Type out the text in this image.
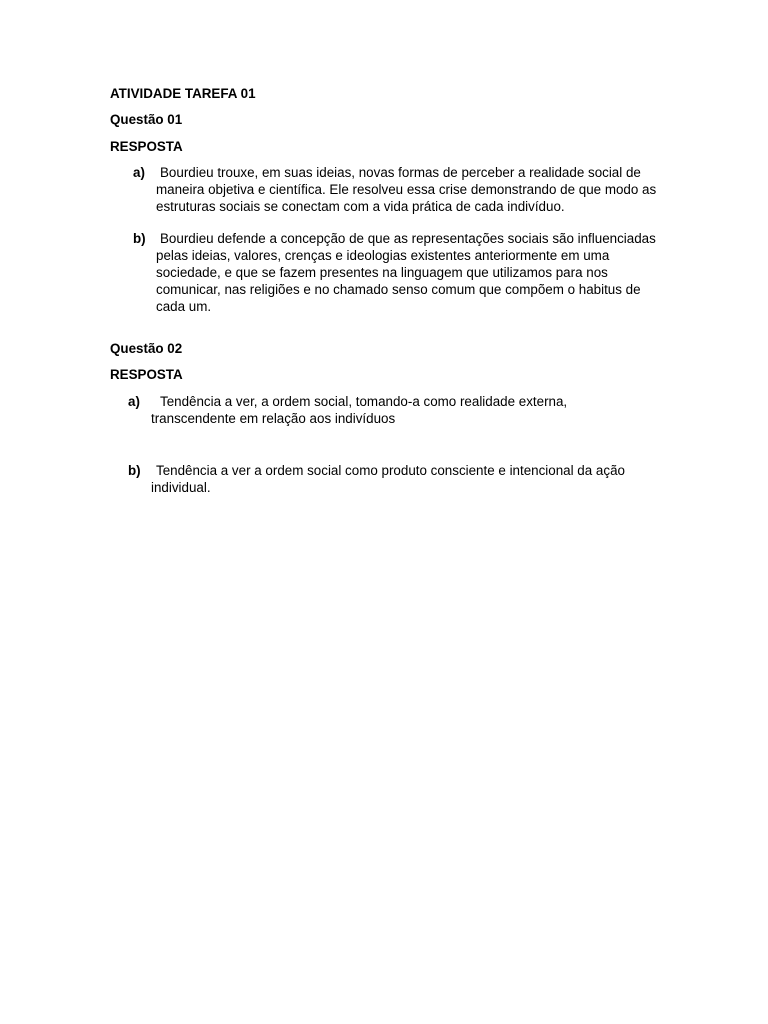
ATIVIDADE TAREFA 01
Questão 01
RESPOSTA
a)	Bourdieu trouxe, em suas ideias, novas formas de perceber a realidade social de maneira objetiva e científica. Ele resolveu essa crise demonstrando de que modo as estruturas sociais se conectam com a vida prática de cada indivíduo.
b)	Bourdieu defende a concepção de que as representações sociais são influenciadas pelas ideias, valores, crenças e ideologias existentes anteriormente em uma sociedade, e que se fazem presentes na linguagem que utilizamos para nos comunicar, nas religiões e no chamado senso comum que compõem o habitus de cada um.
Questão 02
RESPOSTA
a)	Tendência a ver, a ordem social, tomando-a como realidade externa, transcendente em relação aos indivíduos
b)	Tendência a ver a ordem social como produto consciente e intencional da ação individual.
